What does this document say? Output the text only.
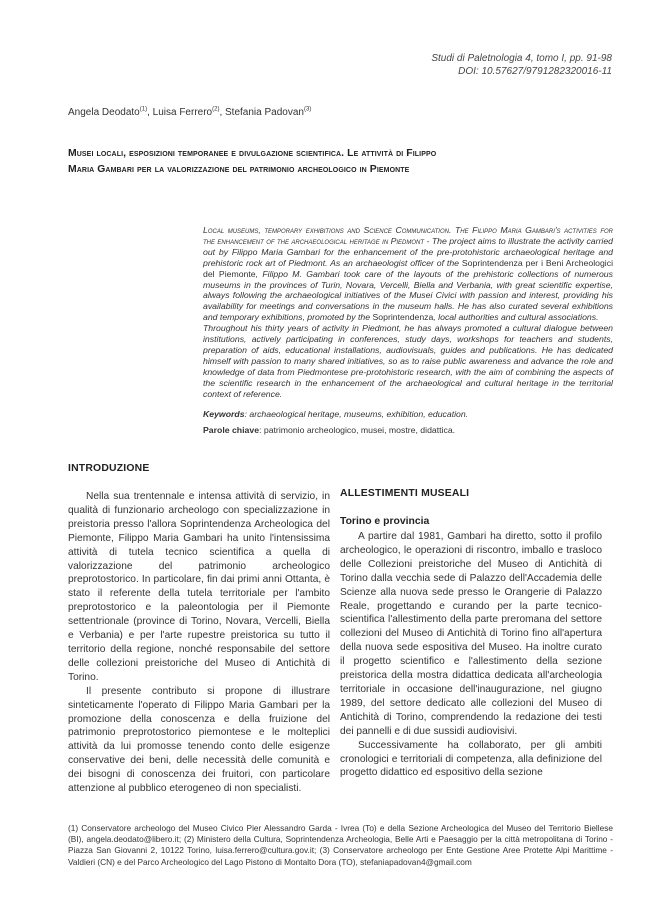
Studi di Paletnologia 4, tomo I, pp. 91-98
DOI: 10.57627/9791282320016-11
Angela Deodato$^{(1)}$, Luisa Ferrero$^{(2)}$, Stefania Padovan$^{(3)}$
Musei locali, esposizioni temporanee e divulgazione scientifica. Le attività di Filippo Maria Gambari per la valorizzazione del patrimonio archeologico in Piemonte

Local museums, temporary exhibitions and Science Communication. The Filippo Maria Gambari's activities for the enhancement of the archaeological heritage in Piedmont - The project aims to illustrate the activity carried out by Filippo Maria Gambari for the enhancement of the pre-protohistoric archaeological heritage and prehistoric rock art of Piedmont. As an archaeologist officer of the Soprintendenza per i Beni Archeologici del Piemonte, Filippo M. Gambari took care of the layouts of the prehistoric collections of numerous museums in the provinces of Turin, Novara, Vercelli, Biella and Verbania, with great scientific expertise, always following the archaeological initiatives of the Musei Civici with passion and interest, providing his availability for meetings and conversations in the museum halls. He has also curated several exhibitions and temporary exhibitions, promoted by the Soprintendenza, local authorities and cultural associations.

Throughout his thirty years of activity in Piedmont, he has always promoted a cultural dialogue between institutions, actively participating in conferences, study days, workshops for teachers and students, preparation of aids, educational installations, audiovisuals, guides and publications. He has dedicated himself with passion to many shared initiatives, so as to raise public awareness and advance the role and knowledge of data from Piedmontese pre-protohistoric research, with the aim of combining the aspects of the scientific research in the enhancement of the archaeological and cultural heritage in the territorial context of reference.

Keywords: archaeological heritage, museums, exhibition, education.

Parole chiave: patrimonio archeologico, musei, mostre, didattica.

INTRODUZIONE
ALLESTIMENTI MUSEALI
Torino e provincia

Nella sua trentennale e intensa attività di servizio, in qualità di funzionario archeologo con specializzazione in preistoria presso l'allora Soprintendenza Archeologica del Piemonte, Filippo Maria Gambari ha unito l'intensissima attività di tutela tecnico scientifica a quella di valorizzazione del patrimonio archeologico preprotostorico. In particolare, fin dai primi anni Ottanta, è stato il referente della tutela territoriale per l'ambito preprotostorico e la paleontologia per il Piemonte settentrionale (province di Torino, Novara, Vercelli, Biella e Verbania) e per l'arte rupestre preistorica su tutto il territorio della regione, nonché responsabile del settore delle collezioni preistoriche del Museo di Antichità di Torino.

Il presente contributo si propone di illustrare sinteticamente l'operato di Filippo Maria Gambari per la promozione della conoscenza e della fruizione del patrimonio preprotostorico piemontese e le molteplici attività da lui promosse tenendo conto delle esigenze conservative dei beni, delle necessità delle comunità e dei bisogni di conoscenza dei fruitori, con particolare attenzione al pubblico eterogeneo di non specialisti.

A partire dal 1981, Gambari ha diretto, sotto il profilo archeologico, le operazioni di riscontro, imballo e trasloco delle Collezioni preistoriche del Museo di Antichità di Torino dalla vecchia sede di Palazzo dell'Accademia delle Scienze alla nuova sede presso le Orangerie di Palazzo Reale, progettando e curando per la parte tecnico-scientifica l'allestimento della parte preromana del settore collezioni del Museo di Antichità di Torino fino all'apertura della nuova sede espositiva del Museo. Ha inoltre curato il progetto scientifico e l'allestimento della sezione preistorica della mostra didattica dedicata all'archeologia territoriale in occasione dell'inaugurazione, nel giugno 1989, del settore dedicato alle collezioni del Museo di Antichità di Torino, comprendendo la redazione dei testi dei pannelli e di due sussidi audiovisivi.

Successivamente ha collaborato, per gli ambiti cronologici e territoriali di competenza, alla definizione del progetto didattico ed espositivo della sezione

(1) Conservatore archeologo del Museo Civico Pier Alessandro Garda - Ivrea (To) e della Sezione Archeologica del Museo del Territorio Biellese (BI), angela.deodato@libero.it; (2) Ministero della Cultura, Soprintendenza Archeologia, Belle Arti e Paesaggio per la città metropolitana di Torino - Piazza San Giovanni 2, 10122 Torino, luisa.ferrero@cultura.gov.it; (3) Conservatore archeologo per Ente Gestione Aree Protette Alpi Marittime - Valdieri (CN) e del Parco Archeologico del Lago Pistono di Montalto Dora (TO), stefaniapadovan4@gmail.com
